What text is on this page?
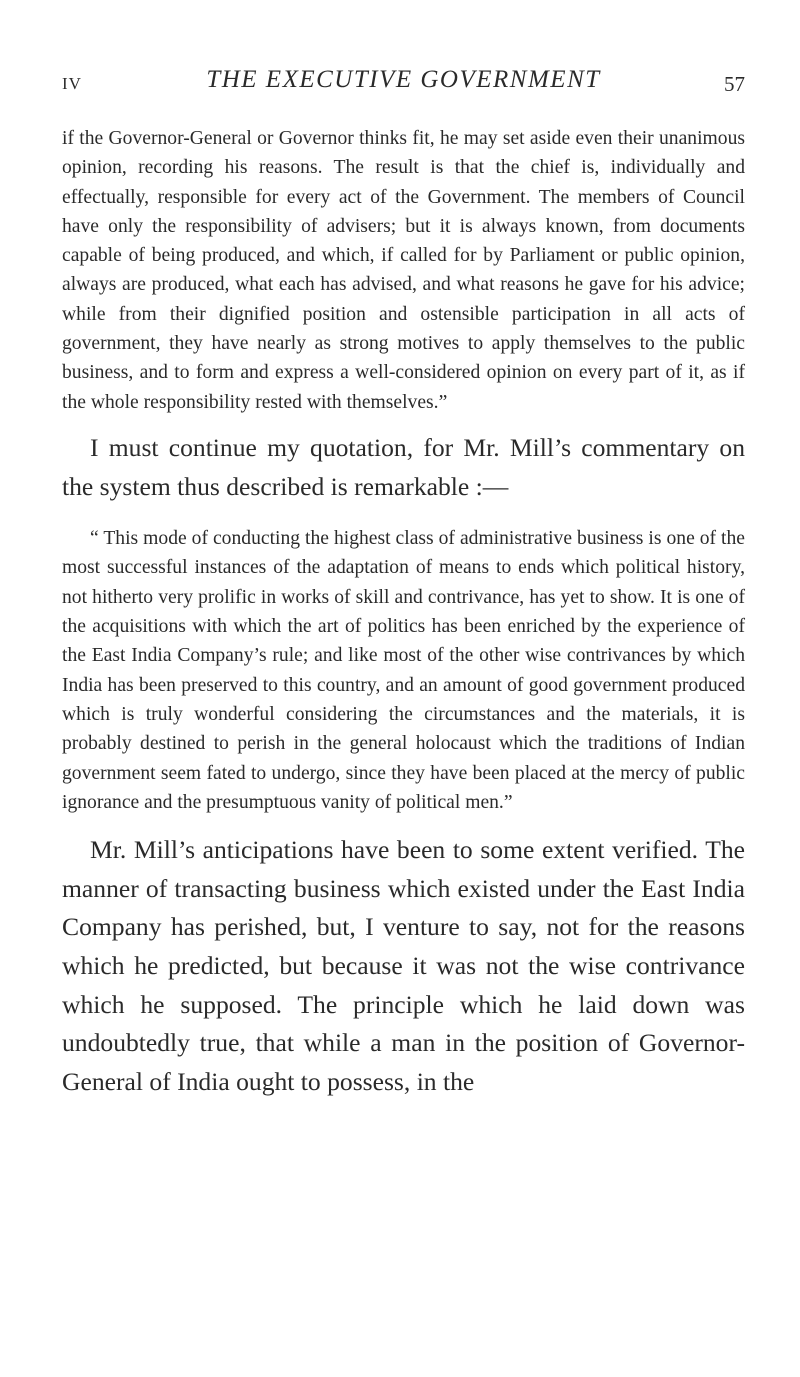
IV	THE EXECUTIVE GOVERNMENT	57

if the Governor-General or Governor thinks fit, he may set aside even their unanimous opinion, recording his reasons. The result is that the chief is, individually and effectually, responsible for every act of the Government. The members of Council have only the responsibility of advisers; but it is always known, from documents capable of being produced, and which, if called for by Parliament or public opinion, always are produced, what each has advised, and what reasons he gave for his advice; while from their dignified position and ostensible participation in all acts of government, they have nearly as strong motives to apply themselves to the public business, and to form and express a well-considered opinion on every part of it, as if the whole responsibility rested with themselves.”

I must continue my quotation, for Mr. Mill’s commentary on the system thus described is remarkable :—

“ This mode of conducting the highest class of administrative business is one of the most successful instances of the adaptation of means to ends which political history, not hitherto very prolific in works of skill and contrivance, has yet to show. It is one of the acquisitions with which the art of politics has been enriched by the experience of the East India Company’s rule; and like most of the other wise contrivances by which India has been preserved to this country, and an amount of good government produced which is truly wonderful considering the circumstances and the materials, it is probably destined to perish in the general holocaust which the traditions of Indian government seem fated to undergo, since they have been placed at the mercy of public ignorance and the presumptuous vanity of political men.”

Mr. Mill’s anticipations have been to some extent verified. The manner of transacting business which existed under the East India Company has perished, but, I venture to say, not for the reasons which he predicted, but because it was not the wise contrivance which he supposed. The principle which he laid down was undoubtedly true, that while a man in the position of Governor-General of India ought to possess, in the
